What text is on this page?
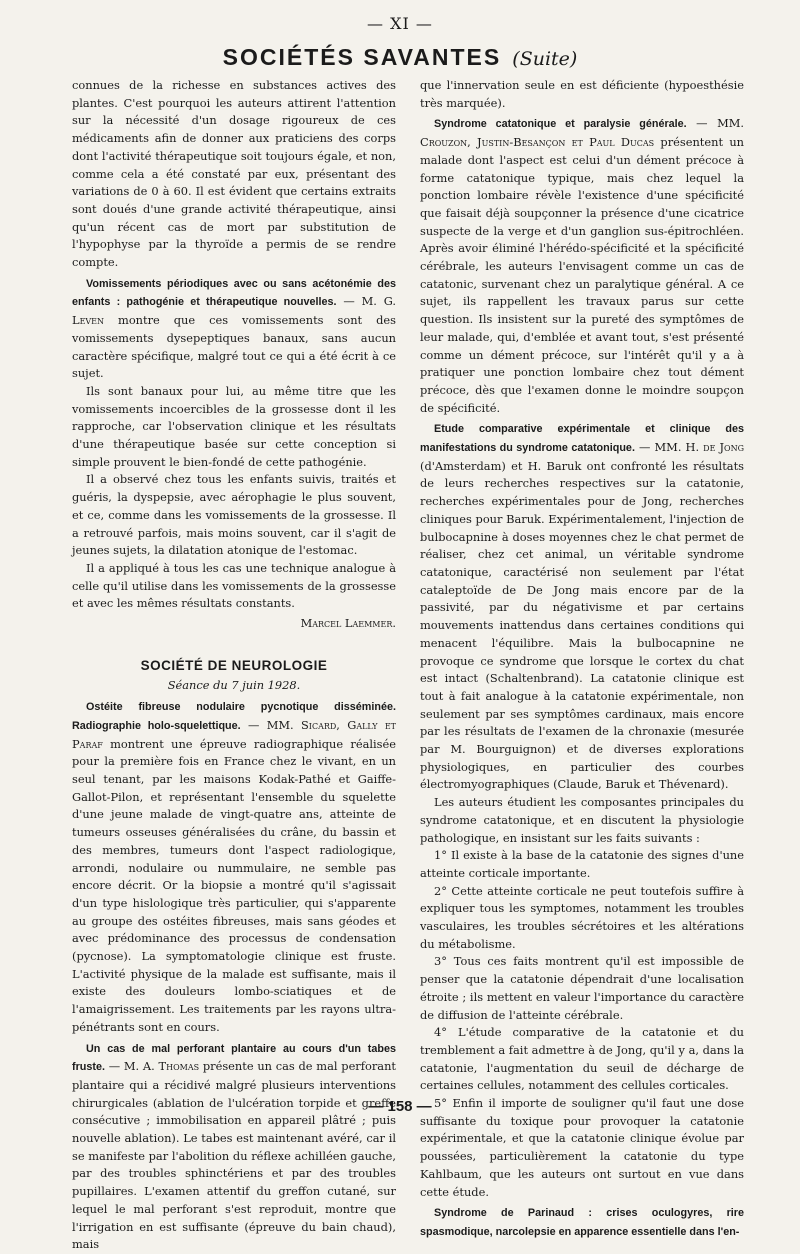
— XI —
SOCIÉTÉS SAVANTES (Suite)

connues de la richesse en substances actives des plantes. C'est pourquoi les auteurs attirent l'attention sur la nécessité d'un dosage rigoureux de ces médicaments afin de donner aux praticiens des corps dont l'activité thérapeutique soit toujours égale, et non, comme cela a été constaté par eux, présentant des variations de 0 à 60. Il est évident que certains extraits sont doués d'une grande activité thérapeutique, ainsi qu'un récent cas de mort par substitution de l'hypophyse par la thyroïde a permis de se rendre compte.

Vomissements périodiques avec ou sans acétonémie des enfants : pathogénie et thérapeutique nouvelles. — M. G. Leven montre que ces vomissements sont des vomissements dysepeptiques banaux, sans aucun caractère spécifique, malgré tout ce qui a été écrit à ce sujet.

Ils sont banaux pour lui, au même titre que les vomissements incoercibles de la grossesse dont il les rapproche, car l'observation clinique et les résultats d'une thérapeutique basée sur cette conception si simple prouvent le bien-fondé de cette pathogénie.

Il a observé chez tous les enfants suivis, traités et guéris, la dyspepsie, avec aérophagie le plus souvent, et ce, comme dans les vomissements de la grossesse. Il a retrouvé parfois, mais moins souvent, car il s'agit de jeunes sujets, la dilatation atonique de l'estomac.

Il a appliqué à tous les cas une technique analogue à celle qu'il utilise dans les vomissements de la grossesse et avec les mêmes résultats constants.

Marcel Laemmer.
SOCIÉTÉ DE NEUROLOGIE
Séance du 7 juin 1928.

Ostéite fibreuse nodulaire pycnotique disséminée. Radiographie holo-squelettique. — MM. Sicard, Gally et Paraf montrent une épreuve radiographique réalisée pour la première fois en France chez le vivant, en un seul tenant, par les maisons Kodak-Pathé et Gaiffe-Gallot-Pilon, et représentant l'ensemble du squelette d'une jeune malade de vingt-quatre ans, atteinte de tumeurs osseuses généralisées du crâne, du bassin et des membres, tumeurs dont l'aspect radiologique, arrondi, nodulaire ou nummulaire, ne semble pas encore décrit. Or la biopsie a montré qu'il s'agissait d'un type hislologique très particulier, qui s'apparente au groupe des ostéites fibreuses, mais sans géodes et avec prédominance des processus de condensation (pycnose). La symptomatologie clinique est fruste. L'activité physique de la malade est suffisante, mais il existe des douleurs lombo-sciatiques et de l'amaigrissement. Les traitements par les rayons ultra-pénétrants sont en cours.

Un cas de mal perforant plantaire au cours d'un tabes fruste. — M. A. Thomas présente un cas de mal perforant plantaire qui a récidivé malgré plusieurs interventions chirurgicales (ablation de l'ulcération torpide et greffe consécutive ; immobilisation en appareil plâtré ; puis nouvelle ablation). Le tabes est maintenant avéré, car il se manifeste par l'abolition du réflexe achilléen gauche, par des troubles sphinctériens et par des troubles pupillaires. L'examen attentif du greffon cutané, sur lequel le mal perforant s'est reproduit, montre que l'irrigation en est suffisante (épreuve du bain chaud), mais

que l'innervation seule en est déficiente (hypoesthésie très marquée).

Syndrome catatonique et paralysie générale. — MM. Crouzon, Justin-Besançon et Paul Ducas présentent un malade dont l'aspect est celui d'un dément précoce à forme catatonique typique, mais chez lequel la ponction lombaire révèle l'existence d'une spécificité que faisait déjà soupçonner la présence d'une cicatrice suspecte de la verge et d'un ganglion sus-épitrochléen. Après avoir éliminé l'hérédo-spécificité et la spécificité cérébrale, les auteurs l'envisagent comme un cas de catatonic, survenant chez un paralytique général. A ce sujet, ils rappellent les travaux parus sur cette question. Ils insistent sur la pureté des symptômes de leur malade, qui, d'emblée et avant tout, s'est présenté comme un dément précoce, sur l'intérêt qu'il y a à pratiquer une ponction lombaire chez tout dément précoce, dès que l'examen donne le moindre soupçon de spécificité.

Etude comparative expérimentale et clinique des manifestations du syndrome catatonique. — MM. H. de Jong (d'Amsterdam) et H. Baruk ont confronté les résultats de leurs recherches respectives sur la catatonie, recherches expérimentales pour de Jong, recherches cliniques pour Baruk. Expérimentalement, l'injection de bulbocapnine à doses moyennes chez le chat permet de réaliser, chez cet animal, un véritable syndrome catatonique, caractérisé non seulement par l'état cataleptoïde de De Jong mais encore par de la passivité, par du négativisme et par certains mouvements inattendus dans certaines conditions qui menacent l'équilibre. Mais la bulbocapnine ne provoque ce syndrome que lorsque le cortex du chat est intact (Schaltenbrand). La catatonie clinique est tout à fait analogue à la catatonie expérimentale, non seulement par ses symptômes cardinaux, mais encore par les résultats de l'examen de la chronaxie (mesurée par M. Bourguignon) et de diverses explorations physiologiques, en particulier des courbes électromyographiques (Claude, Baruk et Thévenard).

Les auteurs étudient les composantes principales du syndrome catatonique, et en discutent la physiologie pathologique, en insistant sur les faits suivants :

1° Il existe à la base de la catatonie des signes d'une atteinte corticale importante.

2° Cette atteinte corticale ne peut toutefois suffire à expliquer tous les symptomes, notamment les troubles vasculaires, les troubles sécrétoires et les altérations du métabolisme.

3° Tous ces faits montrent qu'il est impossible de penser que la catatonie dépendrait d'une localisation étroite ; ils mettent en valeur l'importance du caractère de diffusion de l'atteinte cérébrale.

4° L'étude comparative de la catatonie et du tremblement a fait admettre à de Jong, qu'il y a, dans la catatonie, l'augmentation du seuil de décharge de certaines cellules, notamment des cellules corticales.

5° Enfin il importe de souligner qu'il faut une dose suffisante du toxique pour provoquer la catatonie expérimentale, et que la catatonie clinique évolue par poussées, particulièrement la catatonie du type Kahlbaum, que les auteurs ont surtout en vue dans cette étude.

Syndrome de Parinaud : crises oculogyres, rire spasmodique, narcolepsie en apparence essentielle dans l'en-

— 158 —
